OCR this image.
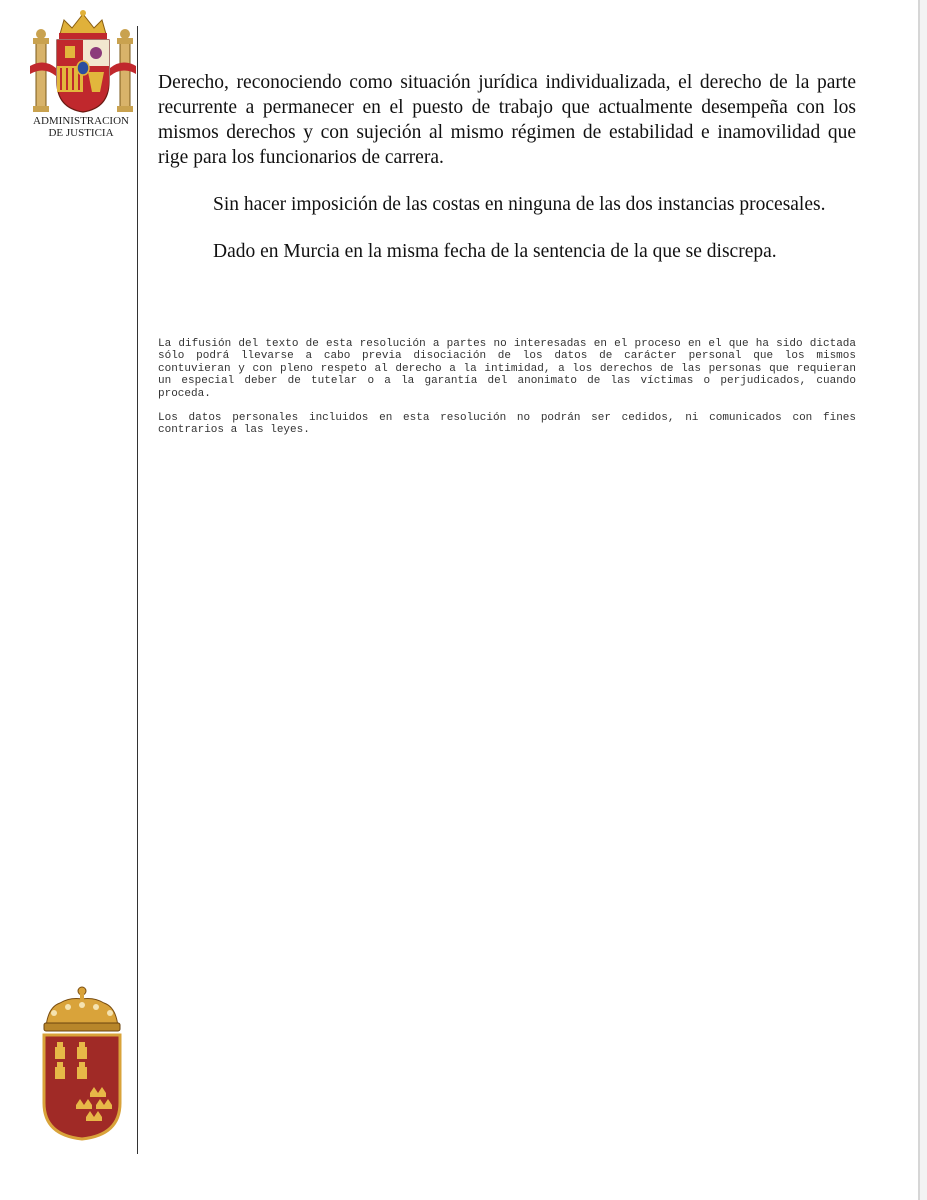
ADMINISTRACION
DE JUSTICIA

Derecho, reconociendo como situación jurídica individualizada, el derecho de la parte recurrente a permanecer en el puesto de trabajo que actualmente desempeña con los mismos derechos y con sujeción al mismo régimen de estabilidad e inamovilidad que rige para los funcionarios de carrera.

Sin hacer imposición de las costas en ninguna de las dos instancias procesales.

Dado en Murcia en la misma fecha de la sentencia de la que se discrepa.

La difusión del texto de esta resolución a partes no interesadas en el proceso en el que ha sido dictada sólo podrá llevarse a cabo previa disociación de los datos de carácter personal que los mismos contuvieran y con pleno respeto al derecho a la intimidad, a los derechos de las personas que requieran un especial deber de tutelar o a la garantía del anonimato de las víctimas o perjudicados, cuando proceda.

Los datos personales incluidos en esta resolución no podrán ser cedidos, ni comunicados con fines contrarios a las leyes.
